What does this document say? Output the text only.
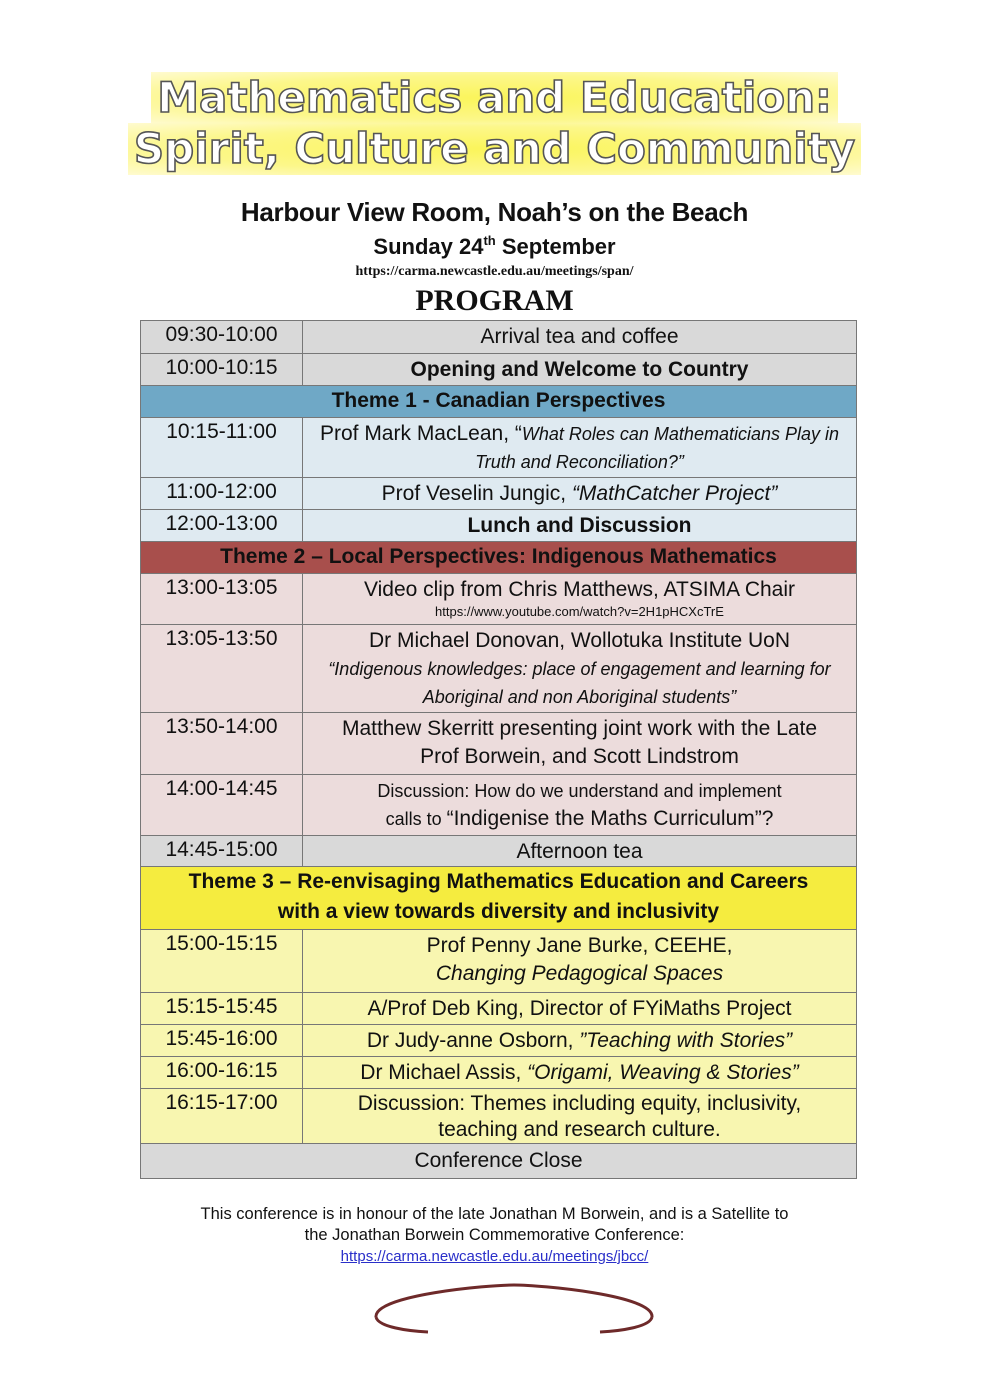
Mathematics and Education:
Spirit, Culture and Community
Harbour View Room, Noah’s on the Beach
Sunday 24th September
https://carma.newcastle.edu.au/meetings/span/
PROGRAM
09:30-10:00	Arrival tea and coffee
10:00-10:15	Opening and Welcome to Country
Theme 1 - Canadian Perspectives	
10:15-11:00	Prof Mark MacLean, “What Roles can Mathematicians Play in Truth and Reconciliation?”
11:00-12:00	Prof Veselin Jungic, “MathCatcher Project”
12:00-13:00	Lunch and Discussion
Theme 2 – Local Perspectives: Indigenous Mathematics	
13:00-13:05	Video clip from Chris Matthews, ATSIMA Chair
https://www.youtube.com/watch?v=2H1pHCXcTrE

13:05-13:50	Dr Michael Donovan, Wollotuka Institute UoN
“Indigenous knowledges: place of engagement and learning for Aboriginal and non Aboriginal students”
13:50-14:00	Matthew Skerritt presenting joint work with the Late Prof Borwein, and Scott Lindstrom
14:00-14:45	Discussion: How do we understand and implement
calls to “Indigenise the Maths Curriculum”?
14:45-15:00	Afternoon tea
Theme 3 – Re-envisaging Mathematics Education and Careers with a view towards diversity and inclusivity	
15:00-15:15	Prof Penny Jane Burke, CEEHE,
Changing Pedagogical Spaces
15:15-15:45	A/Prof Deb King, Director of FYiMaths Project
15:45-16:00	Dr Judy-anne Osborn, ”Teaching with Stories”
16:00-16:15	Dr Michael Assis, “Origami, Weaving & Stories”
16:15-17:00	Discussion: Themes including equity, inclusivity, teaching and research culture.
Conference Close	
This conference is in honour of the late Jonathan M Borwein, and is a Satellite to
the Jonathan Borwein Commemorative Conference:
https://carma.newcastle.edu.au/meetings/jbcc/
